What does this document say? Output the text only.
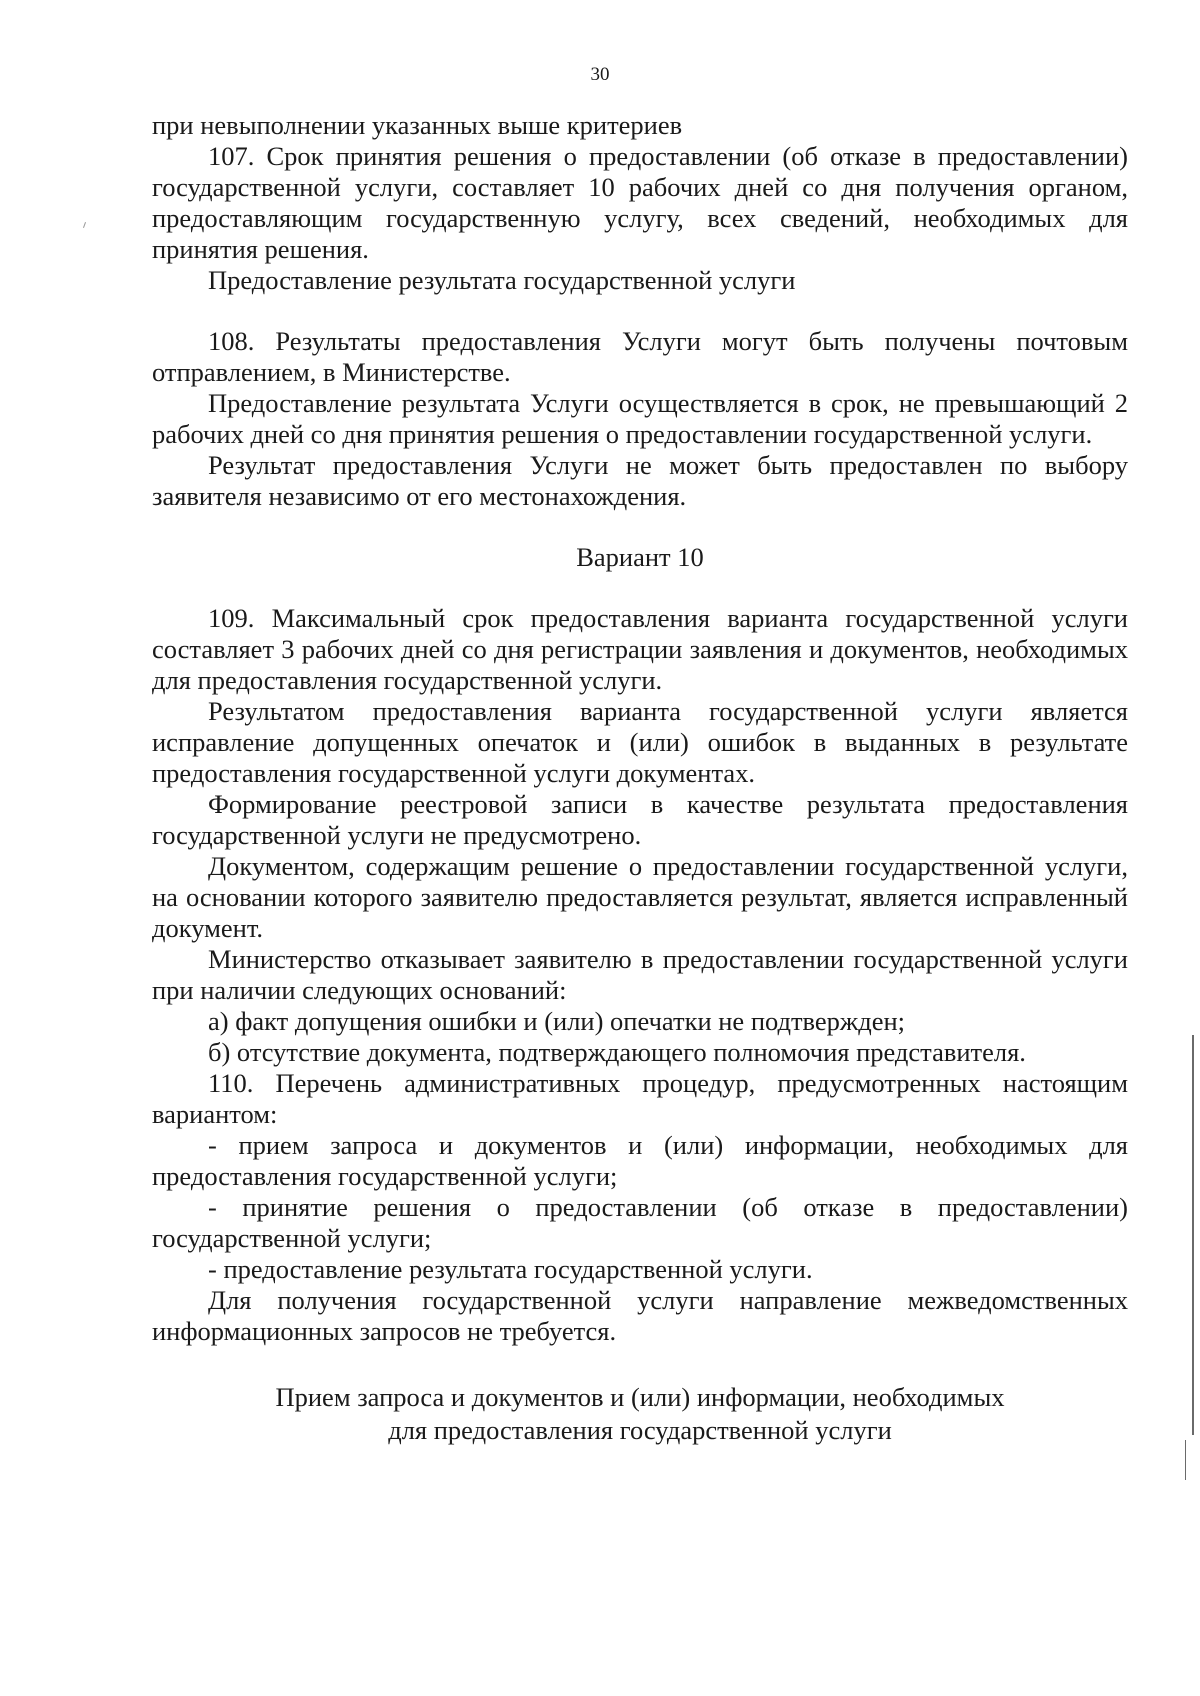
30

при невыполнении указанных выше критериев

107. Срок принятия решения о предоставлении (об отказе в предоставлении) государственной услуги, составляет 10 рабочих дней со дня получения органом, предоставляющим государственную услугу, всех сведений, необходимых для принятия решения.

Предоставление результата государственной услуги

108. Результаты предоставления Услуги могут быть получены почтовым отправлением, в Министерстве.

Предоставление результата Услуги осуществляется в срок, не превышающий 2 рабочих дней со дня принятия решения о предоставлении государственной услуги.

Результат предоставления Услуги не может быть предоставлен по выбору заявителя независимо от его местонахождения.

Вариант 10

109. Максимальный срок предоставления варианта государственной услуги составляет 3 рабочих дней со дня регистрации заявления и документов, необходимых для предоставления государственной услуги.

Результатом предоставления варианта государственной услуги является исправление допущенных опечаток и (или) ошибок в выданных в результате предоставления государственной услуги документах.

Формирование реестровой записи в качестве результата предоставления государственной услуги не предусмотрено.

Документом, содержащим решение о предоставлении государственной услуги, на основании которого заявителю предоставляется результат, является исправленный документ.

Министерство отказывает заявителю в предоставлении государственной услуги при наличии следующих оснований:

а) факт допущения ошибки и (или) опечатки не подтвержден;

б) отсутствие документа, подтверждающего полномочия представителя.

110. Перечень административных процедур, предусмотренных настоящим вариантом:

- прием запроса и документов и (или) информации, необходимых для предоставления государственной услуги;

- принятие решения о предоставлении (об отказе в предоставлении) государственной услуги;

- предоставление результата государственной услуги.

Для получения государственной услуги направление межведомственных информационных запросов не требуется.

Прием запроса и документов и (или) информации, необходимых
для предоставления государственной услуги
